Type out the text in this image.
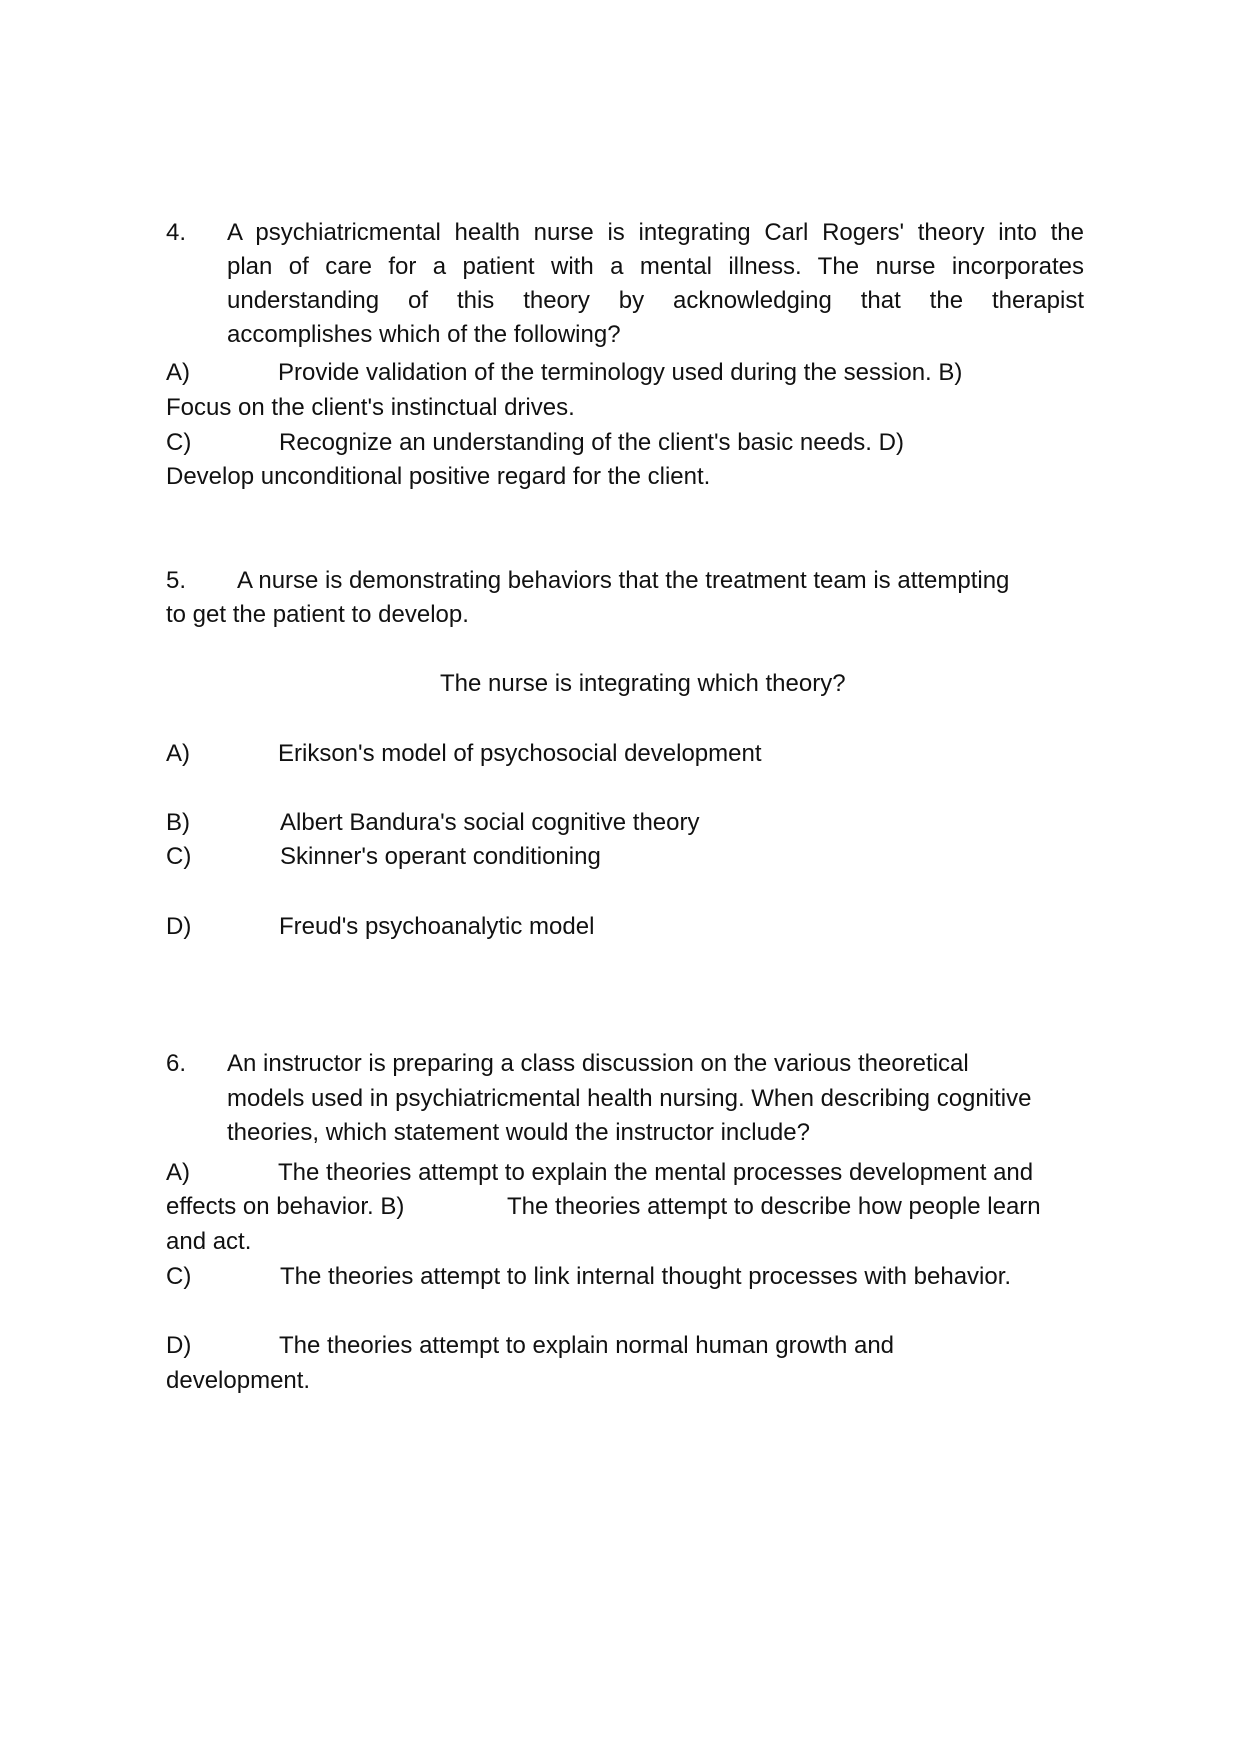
4. A psychiatricmental health nurse is integrating Carl Rogers' theory into the
plan of care for a patient with a mental illness. The nurse incorporates
understanding of this theory by acknowledging that the therapist
accomplishes which of the following?
A)	Provide validation of the terminology used during the session. B)
Focus on the client's instinctual drives.
C)	Recognize an understanding of the client's basic needs. D)
Develop unconditional positive regard for the client.
5. A nurse is demonstrating behaviors that the treatment team is attempting
to get the patient to develop.
The nurse is integrating which theory?
A)	Erikson's model of psychosocial development
B)	Albert Bandura's social cognitive theory
C)	Skinner's operant conditioning
D)	Freud's psychoanalytic model
6. An instructor is preparing a class discussion on the various theoretical
models used in psychiatricmental health nursing. When describing cognitive
theories, which statement would the instructor include?
A)	The theories attempt to explain the mental processes development and
effects on behavior. B)	The theories attempt to describe how people learn
and act.
C)	The theories attempt to link internal thought processes with behavior.
D)	The theories attempt to explain normal human growth and
development.
